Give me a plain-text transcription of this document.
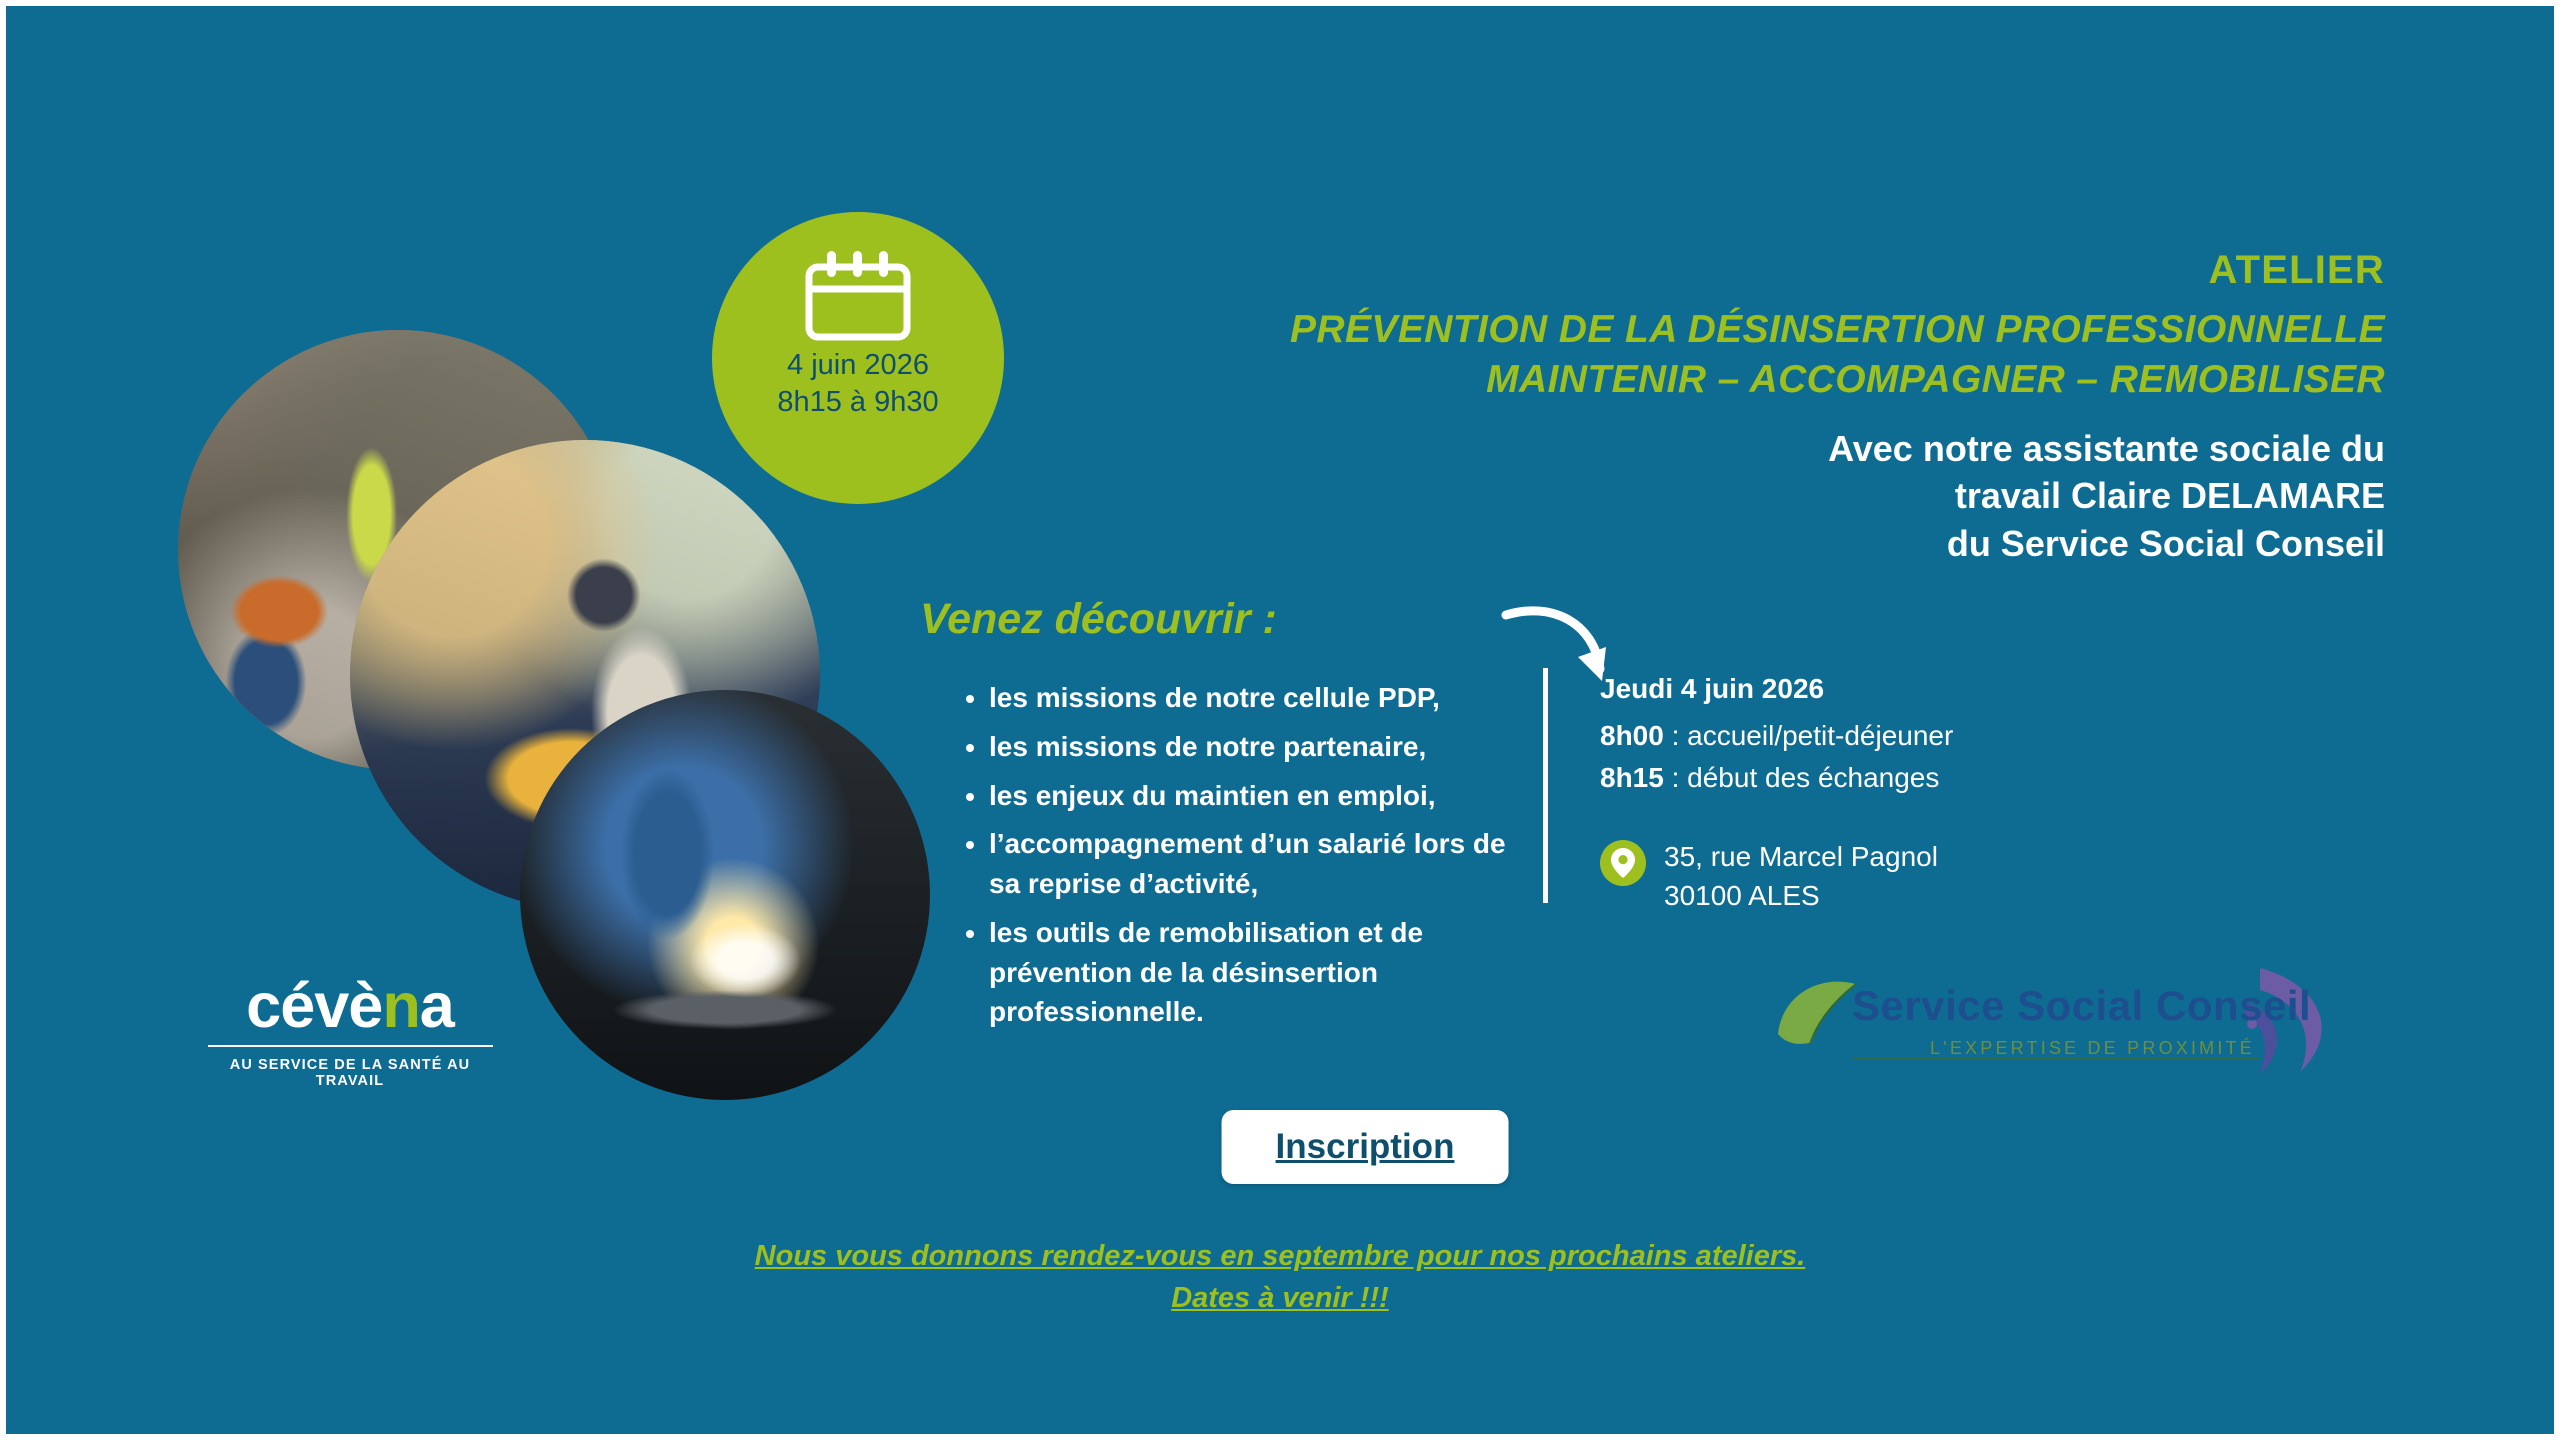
4 juin 2026
8h15 à 9h30
ATELIER
PRÉVENTION DE LA DÉSINSERTION PROFESSIONNELLE
MAINTENIR – ACCOMPAGNER – REMOBILISER
Avec notre assistante sociale du
travail Claire DELAMARE
du Service Social Conseil
Venez découvrir :
• les missions de notre cellule PDP,
• les missions de notre partenaire,
• les enjeux du maintien en emploi,
• l’accompagnement d’un salarié lors de sa reprise d’activité,
• les outils de remobilisation et de prévention de la désinsertion professionnelle.
Jeudi 4 juin 2026
8h00 : accueil/petit-déjeuner
8h15 : début des échanges
35, rue Marcel Pagnol
30100 ALES
cévèna
AU SERVICE DE LA SANTÉ AU TRAVAIL
Service Social Conseil
L'EXPERTISE DE PROXIMITÉ
Inscription
Nous vous donnons rendez-vous en septembre pour nos prochains ateliers.
Dates à venir !!!
